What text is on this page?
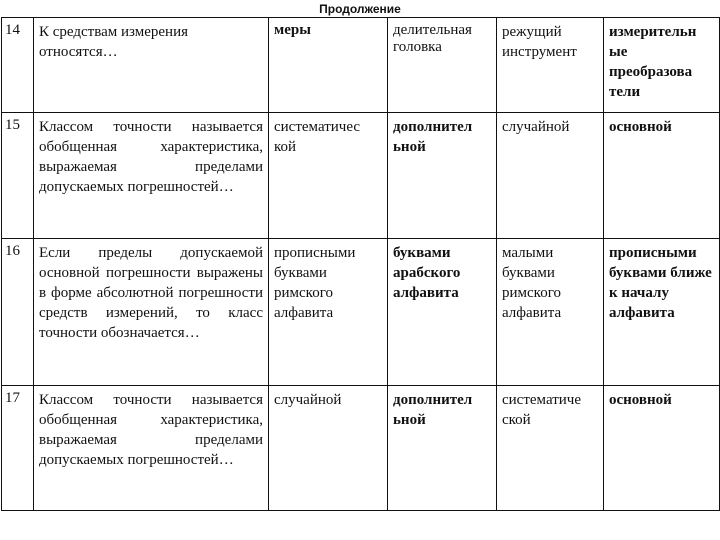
Продолжение
14	К средствам измерения относятся…	меры	делительная головка	режущий инструмент	измерительн ые преобразова тели
15	Классом точности называется обобщенная характеристика, выражаемая пределами допускаемых погрешностей…	систематичес кой	дополнител ьной	случайной	основной
16	Если пределы допускаемой основной погрешности выражены в форме абсолютной погрешности средств измерений, то класс точности обозначается…	прописными буквами римского алфавита	буквами арабского алфавита	малыми буквами римского алфавита	прописными буквами ближе к началу алфавита
17	Классом точности называется обобщенная характеристика, выражаемая пределами допускаемых погрешностей…	случайной	дополнител ьной	систематиче ской	основной
